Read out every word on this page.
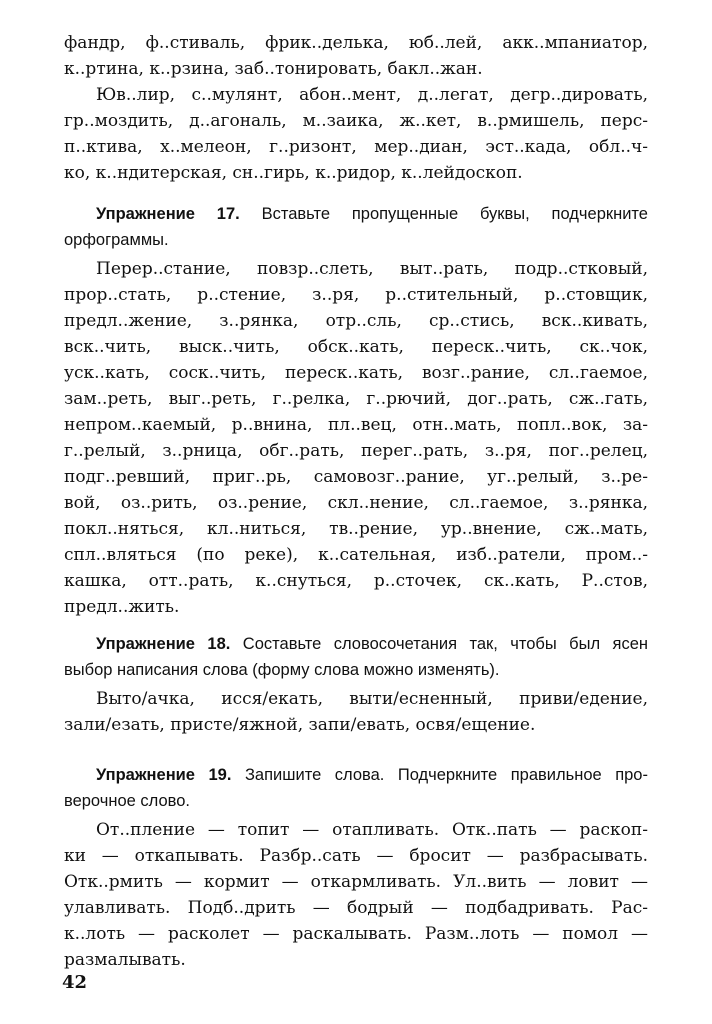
фандр, ф..стиваль, фрик..делька, юб..лей, акк..мпаниатор,
к..ртина, к..рзина, заб..тонировать, бакл..жан.
Юв..лир, с..мулянт, абон..мент, д..легат, дегр..дировать,
гр..моздить, д..агональ, м..заика, ж..кет, в..рмишель, перс-
п..ктива, х..мелеон, г..ризонт, мер..диан, эст..када, обл..ч-
ко, к..ндитерская, сн..гирь, к..ридор, к..лейдоскоп.
Упражнение 17. Вставьте пропущенные буквы, подчеркните
орфограммы.
Перер..стание, повзр..слеть, выт..рать, подр..стковый,
прор..стать, р..стение, з..ря, р..стительный, р..стовщик,
предл..жение, з..рянка, отр..сль, ср..стись, вск..кивать,
вск..чить, выск..чить, обск..кать, переск..чить, ск..чок,
уск..кать, соск..чить, переск..кать, возг..рание, сл..гаемое,
зам..реть, выг..реть, г..релка, г..рючий, дог..рать, сж..гать,
непром..каемый, р..внина, пл..вец, отн..мать, попл..вок, за-
г..релый, з..рница, обг..рать, перег..рать, з..ря, пог..релец,
подг..ревший, приг..рь, самовозг..рание, уг..релый, з..ре-
вой, оз..рить, оз..рение, скл..нение, сл..гаемое, з..рянка,
покл..няться, кл..ниться, тв..рение, ур..внение, сж..мать,
спл..вляться (по реке), к..сательная, изб..ратели, пром..-
кашка, отт..рать, к..снуться, р..сточек, ск..кать, Р..стов,
предл..жить.
Упражнение 18. Составьте словосочетания так, чтобы был ясен
выбор написания слова (форму слова можно изменять).
Выто/ачка, исся/екать, выти/есненный, приви/едение,
зали/езать, присте/яжной, запи/евать, освя/ещение.
Упражнение 19. Запишите слова. Подчеркните правильное про-
верочное слово.
От..пление — топит — отапливать. Отк..пать — раскоп-
ки — откапывать. Разбр..сать — бросит — разбрасывать.
Отк..рмить — кормит — откармливать. Ул..вить — ловит —
улавливать. Подб..дрить — бодрый — подбадривать. Рас-
к..лоть — расколет — раскалывать. Разм..лоть — помол —
размалывать.
42
